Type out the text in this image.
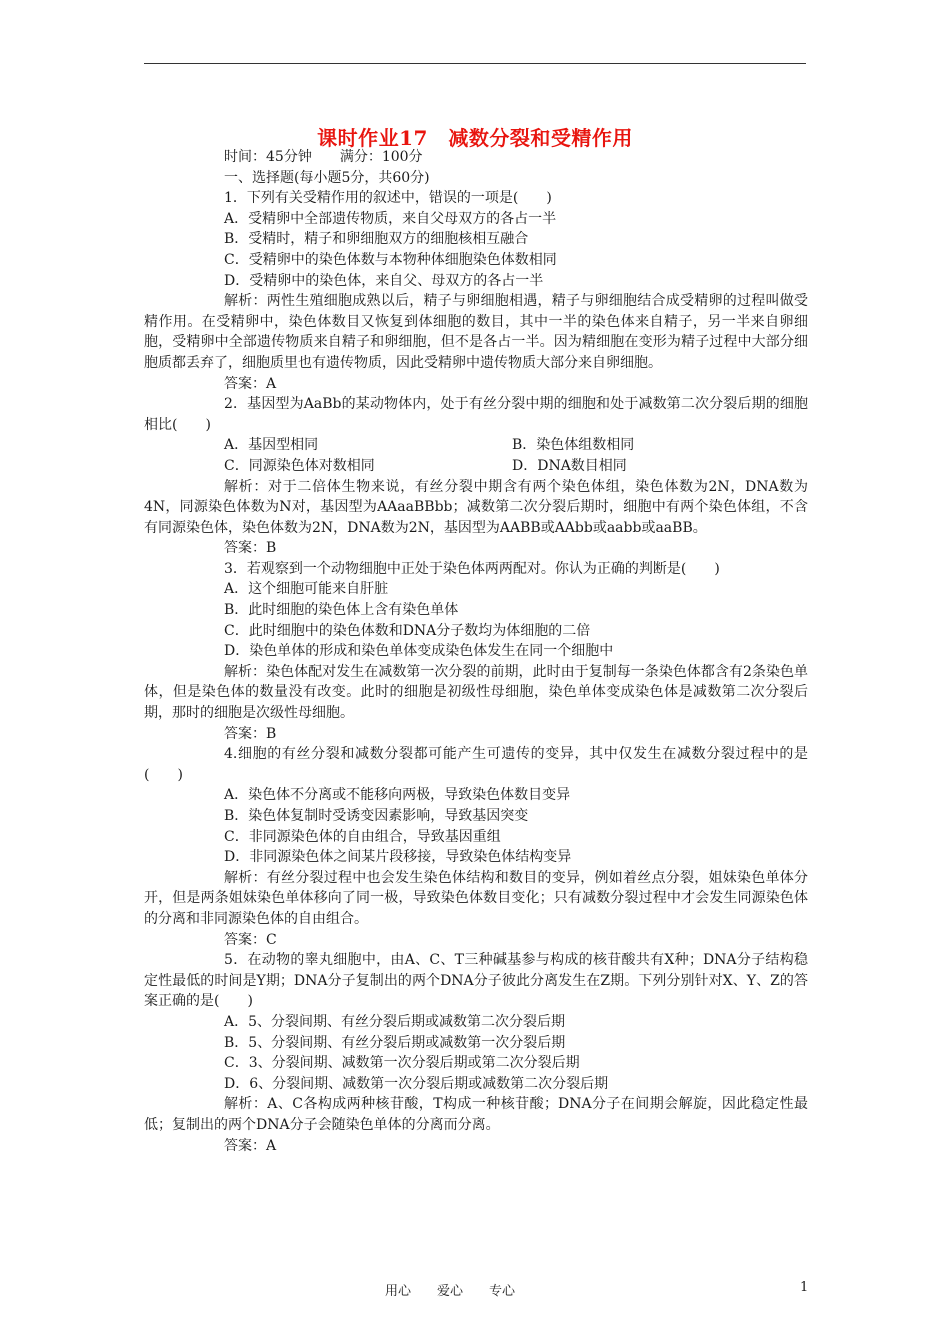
课时作业17　减数分裂和受精作用

时间：45分钟　　满分：100分

一、选择题(每小题5分，共60分)

1．下列有关受精作用的叙述中，错误的一项是(　　)

A．受精卵中全部遗传物质，来自父母双方的各占一半

B．受精时，精子和卵细胞双方的细胞核相互融合

C．受精卵中的染色体数与本物种体细胞染色体数相同

D．受精卵中的染色体，来自父、母双方的各占一半

解析：两性生殖细胞成熟以后，精子与卵细胞相遇，精子与卵细胞结合成受精卵的过程叫做受精作用。在受精卵中，染色体数目又恢复到体细胞的数目，其中一半的染色体来自精子，另一半来自卵细胞，受精卵中全部遗传物质来自精子和卵细胞，但不是各占一半。因为精细胞在变形为精子过程中大部分细胞质都丢弃了，细胞质里也有遗传物质，因此受精卵中遗传物质大部分来自卵细胞。

答案：A

2．基因型为AaBb的某动物体内，处于有丝分裂中期的细胞和处于减数第二次分裂后期的细胞相比(　　)

A．基因型相同	B．染色体组数相同
C．同源染色体对数相同	D．DNA数目相同

解析：对于二倍体生物来说，有丝分裂中期含有两个染色体组，染色体数为2N，DNA数为4N，同源染色体数为N对，基因型为AAaaBBbb；减数第二次分裂后期时，细胞中有两个染色体组，不含有同源染色体，染色体数为2N，DNA数为2N，基因型为AABB或AAbb或aabb或aaBB。

答案：B

3．若观察到一个动物细胞中正处于染色体两两配对。你认为正确的判断是(　　)

A．这个细胞可能来自肝脏

B．此时细胞的染色体上含有染色单体

C．此时细胞中的染色体数和DNA分子数均为体细胞的二倍

D．染色单体的形成和染色单体变成染色体发生在同一个细胞中

解析：染色体配对发生在减数第一次分裂的前期，此时由于复制每一条染色体都含有2条染色单体，但是染色体的数量没有改变。此时的细胞是初级性母细胞，染色单体变成染色体是减数第二次分裂后期，那时的细胞是次级性母细胞。

答案：B

4.细胞的有丝分裂和减数分裂都可能产生可遗传的变异，其中仅发生在减数分裂过程中的是(　　)

A．染色体不分离或不能移向两极，导致染色体数目变异

B．染色体复制时受诱变因素影响，导致基因突变

C．非同源染色体的自由组合，导致基因重组

D．非同源染色体之间某片段移接，导致染色体结构变异

解析：有丝分裂过程中也会发生染色体结构和数目的变异，例如着丝点分裂，姐妹染色单体分开，但是两条姐妹染色单体移向了同一极，导致染色体数目变化；只有减数分裂过程中才会发生同源染色体的分离和非同源染色体的自由组合。

答案：C

5．在动物的睾丸细胞中，由A、C、T三种碱基参与构成的核苷酸共有X种；DNA分子结构稳定性最低的时间是Y期；DNA分子复制出的两个DNA分子彼此分离发生在Z期。下列分别针对X、Y、Z的答案正确的是(　　)

A．5、分裂间期、有丝分裂后期或减数第二次分裂后期

B．5、分裂间期、有丝分裂后期或减数第一次分裂后期

C．3、分裂间期、减数第一次分裂后期或第二次分裂后期

D．6、分裂间期、减数第一次分裂后期或减数第二次分裂后期

解析：A、C各构成两种核苷酸，T构成一种核苷酸；DNA分子在间期会解旋，因此稳定性最低；复制出的两个DNA分子会随染色单体的分离而分离。

答案：A

用心　　爱心　　专心	1
